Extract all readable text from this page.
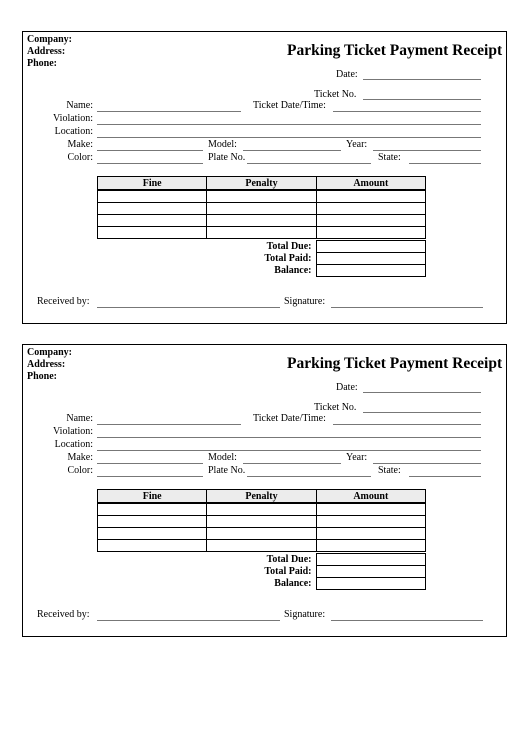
Company:
Address:
Phone:
Parking Ticket Payment Receipt
Date:
Ticket No.
Name:	Ticket Date/Time:
Violation:
Location:
Make:	Model:	Year:
Color:	Plate No.	State:
Fine	Penalty	Amount

	Total Due:	
	Total Paid:	
	Balance:	
Received by:	Signature:
Company:
Address:
Phone:
Parking Ticket Payment Receipt
Date:
Ticket No.
Name:	Ticket Date/Time:
Violation:
Location:
Make:	Model:	Year:
Color:	Plate No.	State:
Fine	Penalty	Amount

	Total Due:	
	Total Paid:	
	Balance:	
Received by:	Signature:
